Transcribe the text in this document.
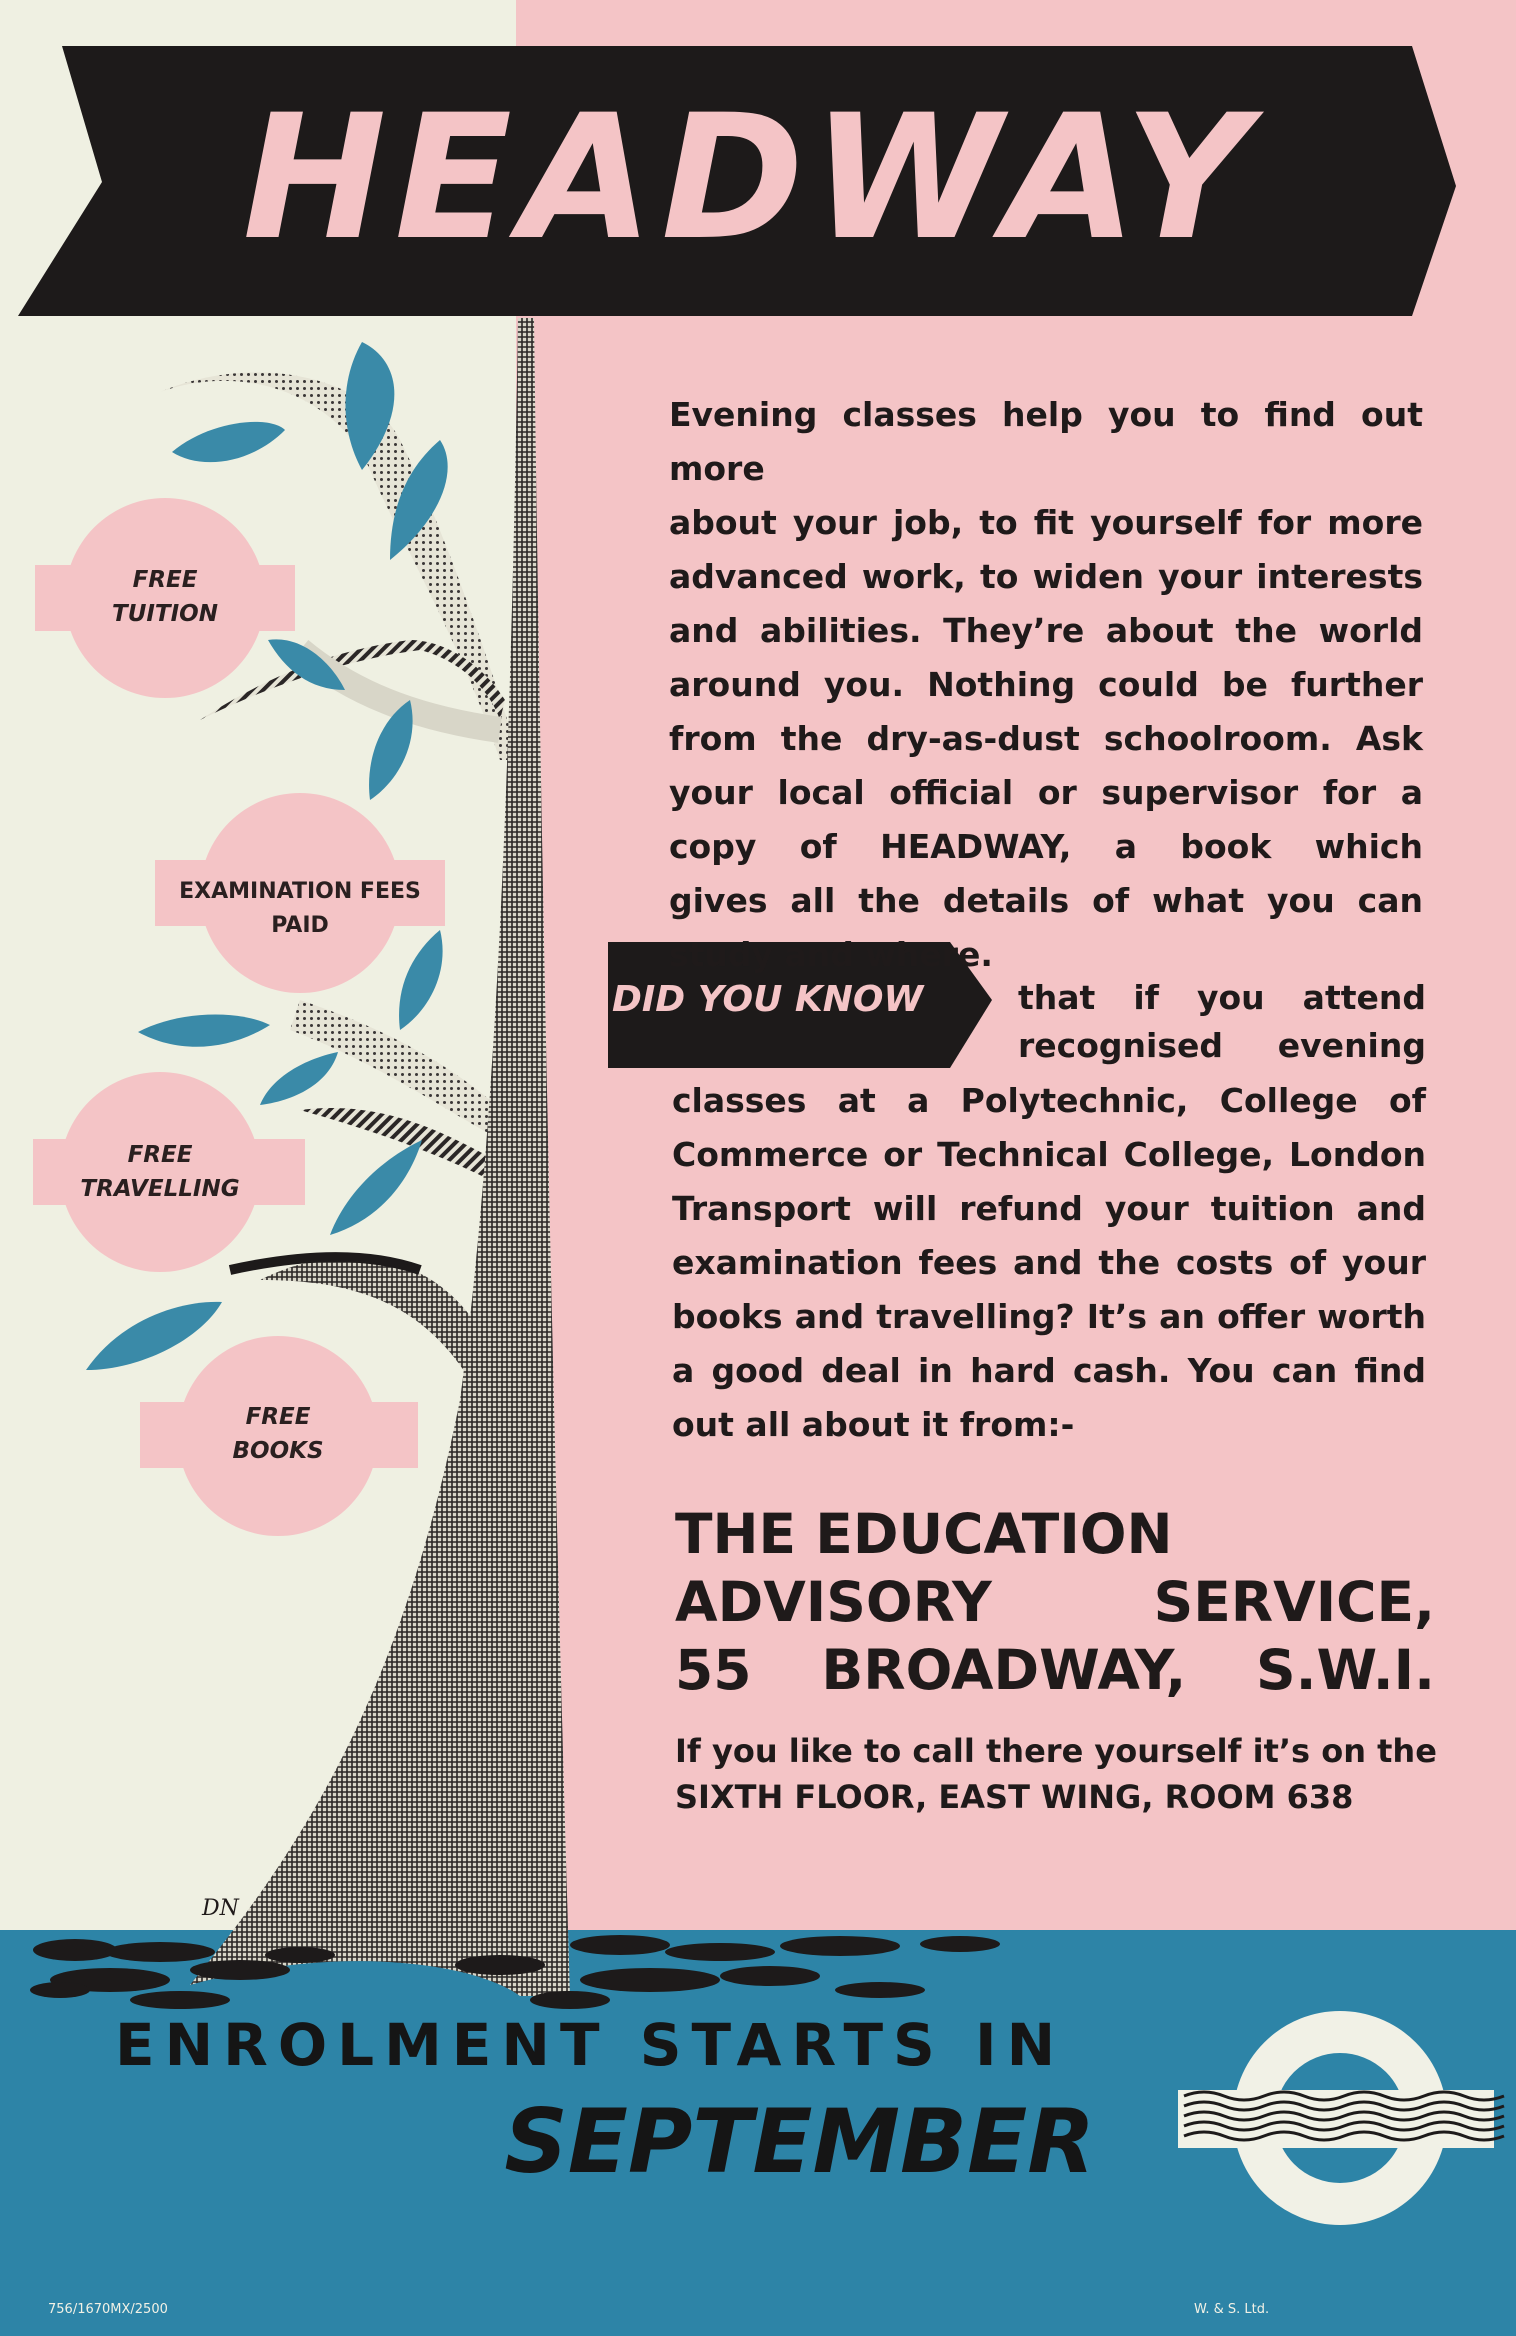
HEADWAY
Evening classes help you to find out more
about your job, to fit yourself for more
advanced work, to widen your interests
and abilities. They’re about the world
around you. Nothing could be further
from the dry-as-dust schoolroom. Ask
your local official or supervisor for a
copy of HEADWAY, a book which
gives all the details of what you can
study and where.
DID YOU KNOW	that if you attend
recognised evening
classes at a Polytechnic, College of
Commerce or Technical College, London
Transport will refund your tuition and
examination fees and the costs of your
books and travelling? It’s an offer worth
a good deal in hard cash. You can find
out all about it from:-
THE EDUCATION
ADVISORY SERVICE,
55 BROADWAY, S.W.I.
If you like to call there yourself it’s on the
SIXTH FLOOR, EAST WING, ROOM 638
FREE
TUITION
EXAMINATION FEES
PAID
FREE
TRAVELLING
FREE
BOOKS
DN
ENROLMENT STARTS IN
SEPTEMBER
756/1670MX/2500	W. & S. Ltd.
